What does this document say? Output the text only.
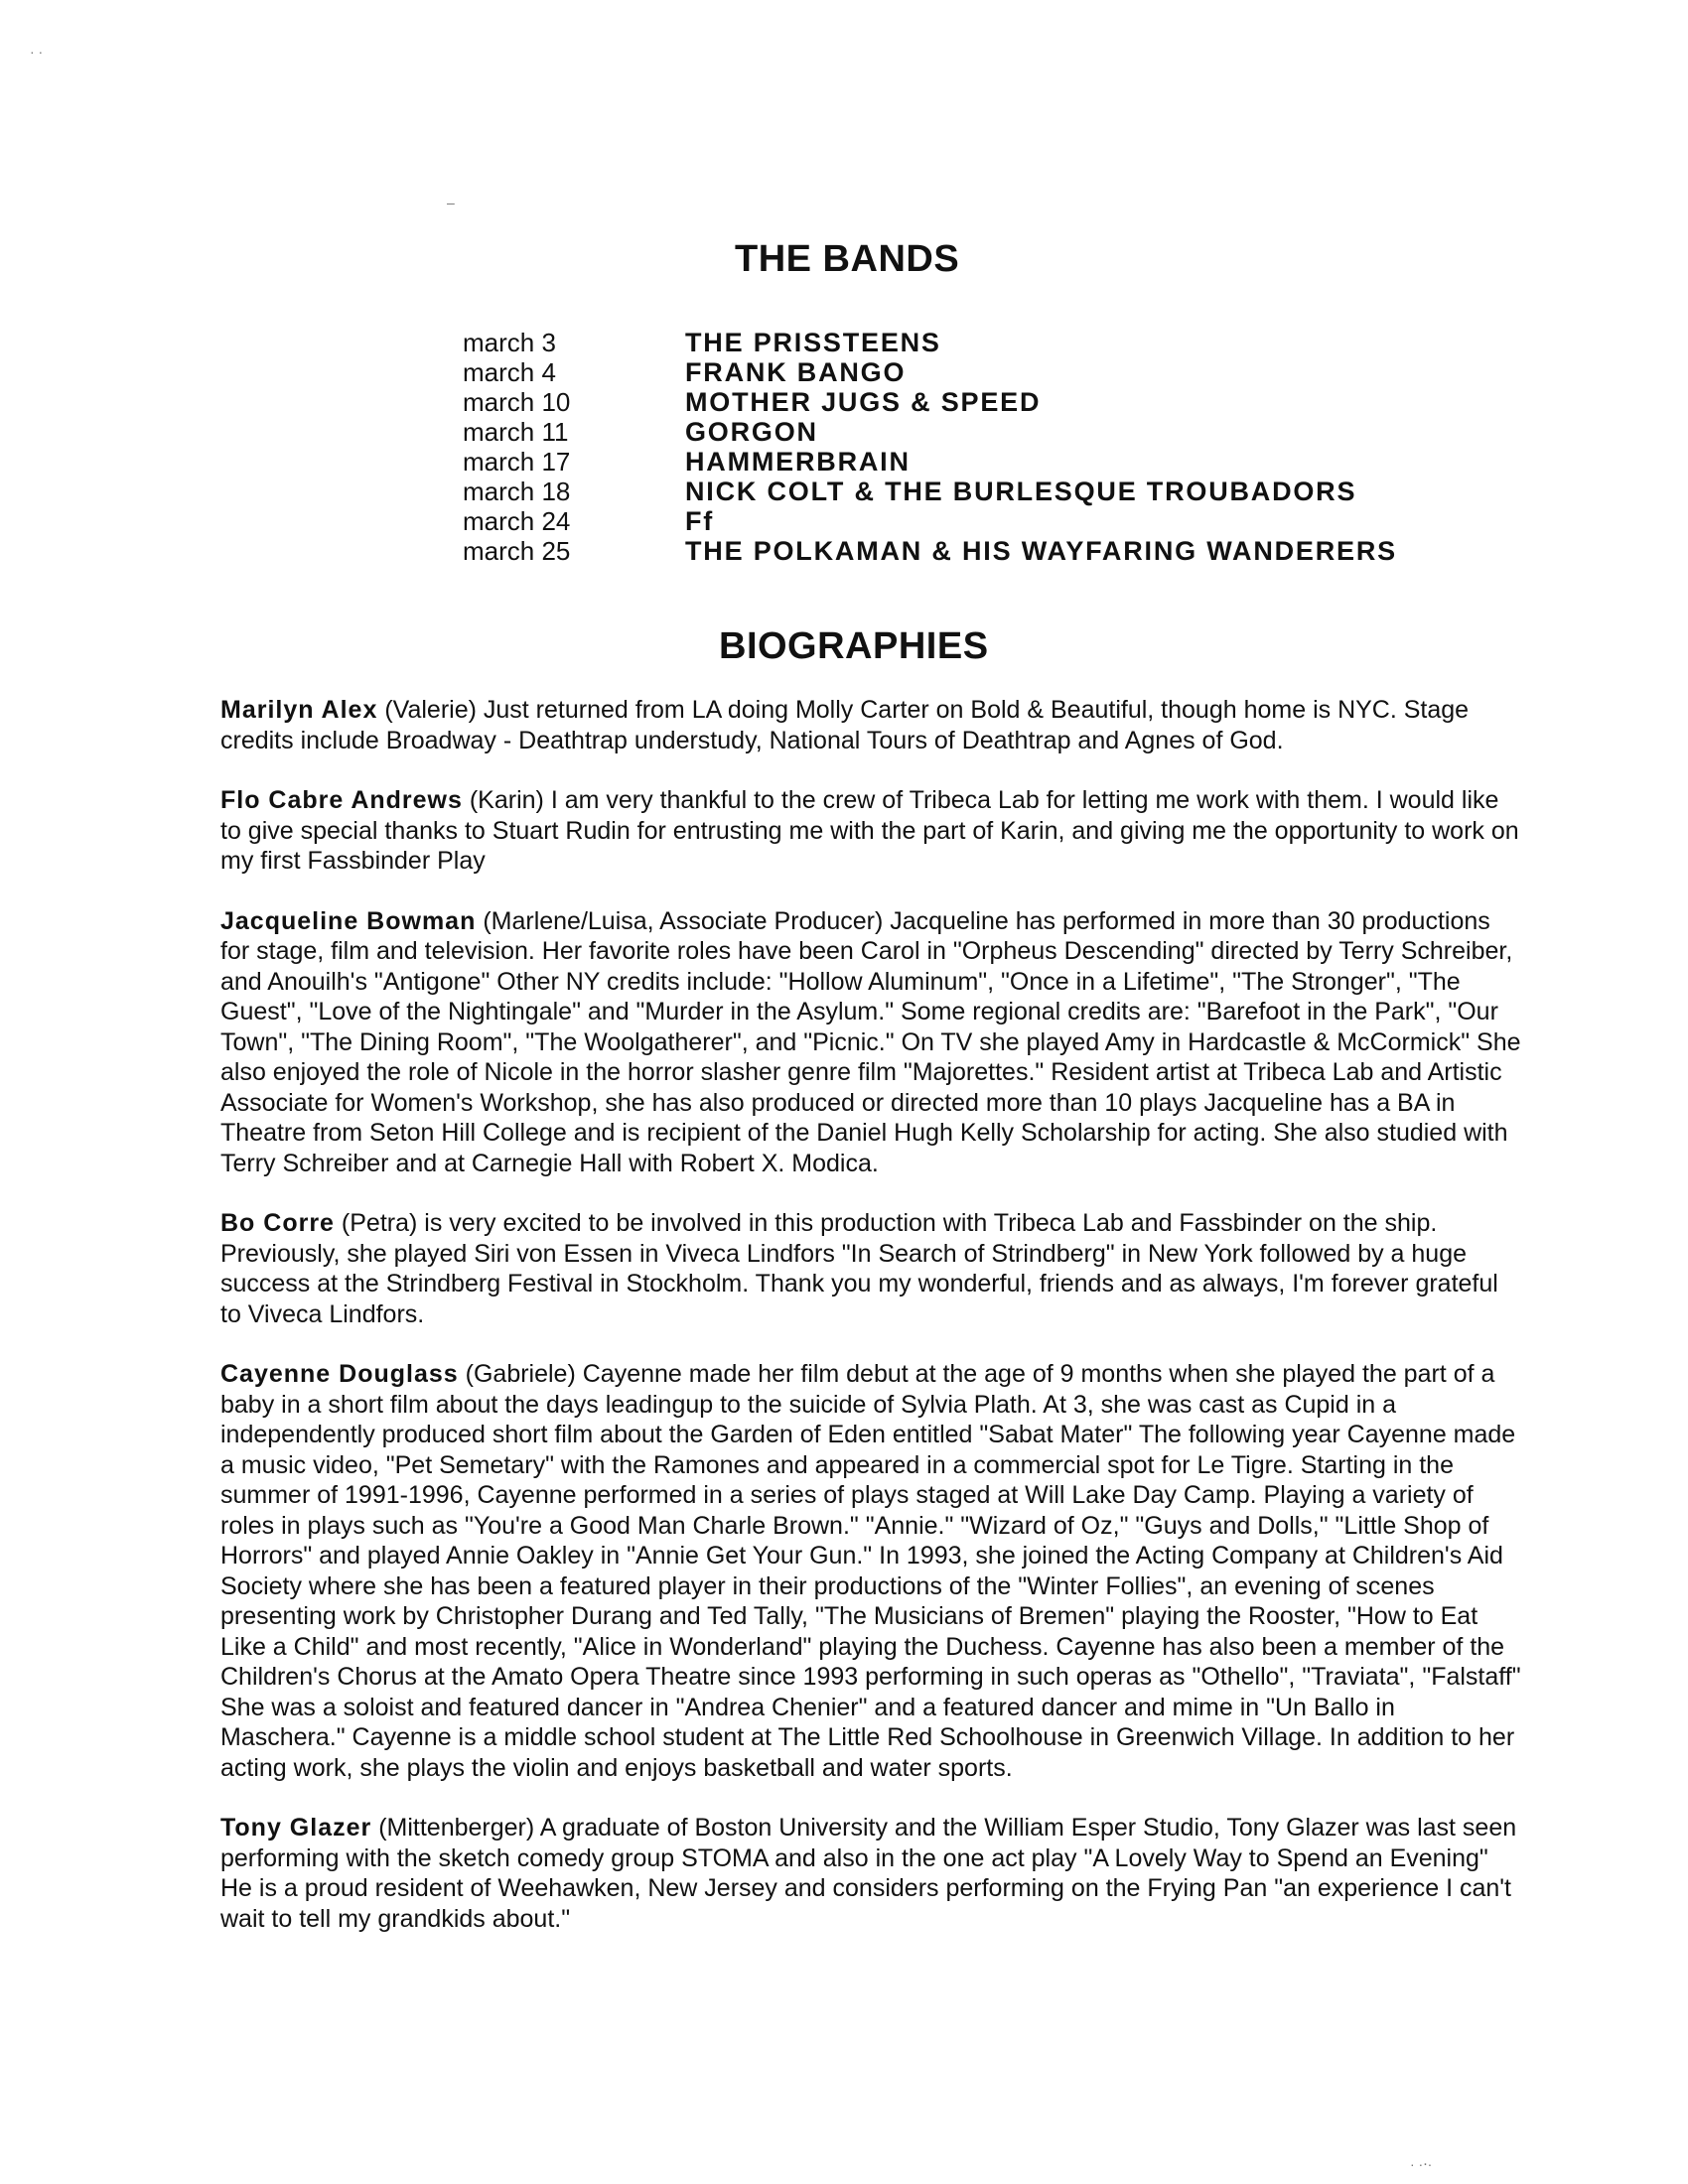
· ·
–
· ·⋅·
THE BANDS
march 3	THE PRISSTEENS
march 4	FRANK BANGO
march 10	MOTHER JUGS & SPEED
march 11	GORGON
march 17	HAMMERBRAIN
march 18	NICK COLT & THE BURLESQUE TROUBADORS
march 24	Ff
march 25	THE POLKAMAN & HIS WAYFARING WANDERERS
BIOGRAPHIES

Marilyn Alex (Valerie) Just returned from LA doing Molly Carter on Bold & Beautiful, though home is NYC. Stage credits include Broadway - Deathtrap understudy, National Tours of Deathtrap and Agnes of God.

Flo Cabre Andrews (Karin) I am very thankful to the crew of Tribeca Lab for letting me work with them. I would like to give special thanks to Stuart Rudin for entrusting me with the part of Karin, and giving me the opportunity to work on my first Fassbinder Play

Jacqueline Bowman (Marlene/Luisa, Associate Producer) Jacqueline has performed in more than 30 productions for stage, film and television. Her favorite roles have been Carol in "Orpheus Descending" directed by Terry Schreiber, and Anouilh's "Antigone" Other NY credits include: "Hollow Aluminum", "Once in a Lifetime", "The Stronger", "The Guest", "Love of the Nightingale" and "Murder in the Asylum." Some regional credits are: "Barefoot in the Park", "Our Town", "The Dining Room", "The Woolgatherer", and "Picnic." On TV she played Amy in Hardcastle & McCormick" She also enjoyed the role of Nicole in the horror slasher genre film "Majorettes." Resident artist at Tribeca Lab and Artistic Associate for Women's Workshop, she has also produced or directed more than 10 plays Jacqueline has a BA in Theatre from Seton Hill College and is recipient of the Daniel Hugh Kelly Scholarship for acting. She also studied with Terry Schreiber and at Carnegie Hall with Robert X. Modica.

Bo Corre (Petra) is very excited to be involved in this production with Tribeca Lab and Fassbinder on the ship. Previously, she played Siri von Essen in Viveca Lindfors "In Search of Strindberg" in New York followed by a huge success at the Strindberg Festival in Stockholm. Thank you my wonderful, friends and as always, I'm forever grateful to Viveca Lindfors.

Cayenne Douglass (Gabriele) Cayenne made her film debut at the age of 9 months when she played the part of a baby in a short film about the days leadingup to the suicide of Sylvia Plath. At 3, she was cast as Cupid in a independently produced short film about the Garden of Eden entitled "Sabat Mater" The following year Cayenne made a music video, "Pet Semetary" with the Ramones and appeared in a commercial spot for Le Tigre. Starting in the summer of 1991-1996, Cayenne performed in a series of plays staged at Will Lake Day Camp. Playing a variety of roles in plays such as "You're a Good Man Charle Brown." "Annie." "Wizard of Oz," "Guys and Dolls," "Little Shop of Horrors" and played Annie Oakley in "Annie Get Your Gun." In 1993, she joined the Acting Company at Children's Aid Society where she has been a featured player in their productions of the "Winter Follies", an evening of scenes presenting work by Christopher Durang and Ted Tally, "The Musicians of Bremen" playing the Rooster, "How to Eat Like a Child" and most recently, "Alice in Wonderland" playing the Duchess. Cayenne has also been a member of the Children's Chorus at the Amato Opera Theatre since 1993 performing in such operas as "Othello", "Traviata", "Falstaff" She was a soloist and featured dancer in "Andrea Chenier" and a featured dancer and mime in "Un Ballo in Maschera." Cayenne is a middle school student at The Little Red Schoolhouse in Greenwich Village. In addition to her acting work, she plays the violin and enjoys basketball and water sports.

Tony Glazer (Mittenberger) A graduate of Boston University and the William Esper Studio, Tony Glazer was last seen performing with the sketch comedy group STOMA and also in the one act play "A Lovely Way to Spend an Evening" He is a proud resident of Weehawken, New Jersey and considers performing on the Frying Pan "an experience I can't wait to tell my grandkids about."
